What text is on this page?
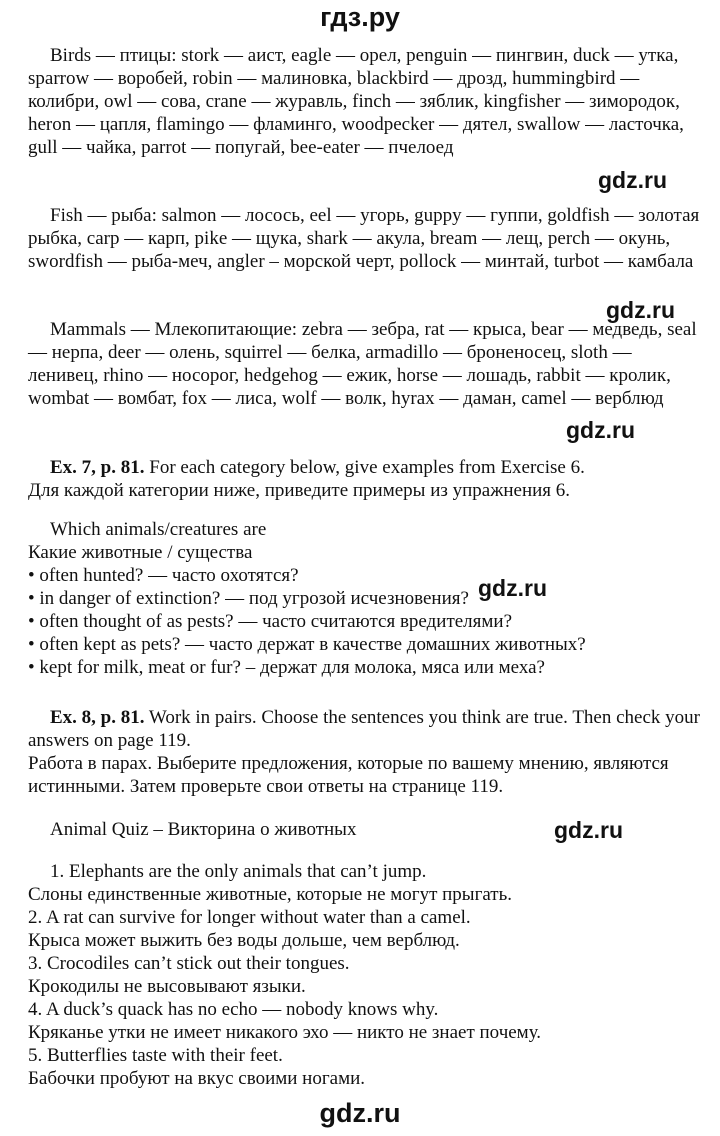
гдз.ру
Birds — птицы: stork — аист, eagle — орел, penguin — пингвин, duck — утка, sparrow — воробей, robin — малиновка, blackbird — дрозд, hummingbird — колибри, owl — сова, crane — журавль, finch — зяблик, kingfisher — зимородок, heron — цапля, flamingo — фламинго, woodpecker — дятел, swallow — ласточка, gull — чайка, parrot — попугай, bee-eater — пчелоед
gdz.ru
Fish — рыба: salmon — лосось, eel — угорь, guppy — гуппи, goldfish — золотая рыбка, carp — карп, pike — щука, shark — акула, bream — лещ, perch — окунь, swordfish — рыба-меч, angler – морской черт, pollock — минтай, turbot — камбала
gdz.ru
Mammals — Млекопитающие: zebra — зебра, rat — крыса, bear — медведь, seal — нерпа, deer — олень, squirrel — белка, armadillo — броненосец, sloth — ленивец, rhino — носорог, hedgehog — ежик, horse — лошадь, rabbit — кролик, wombat — вомбат, fox — лиса, wolf — волк, hyrax — даман, camel — верблюд
gdz.ru

Ex. 7, p. 81. For each category below, give examples from Exercise 6.

Для каждой категории ниже, приведите примеры из упражнения 6.

Which animals/creatures are

Какие животные / существа

• often hunted? — часто охотятся?

• in danger of extinction? — под угрозой исчезновения?

• often thought of as pests? — часто считаются вредителями?

• often kept as pets? — часто держат в качестве домашних животных?

• kept for milk, meat or fur? – держат для молока, мяса или меха?

gdz.ru

Ex. 8, p. 81. Work in pairs. Choose the sentences you think are true. Then check your answers on page 119.

Работа в парах. Выберите предложения, которые по вашему мнению, являются истинными. Затем проверьте свои ответы на странице 119.

Animal Quiz – Викторина о животных	gdz.ru

1. Elephants are the only animals that can’t jump.

Слоны единственные животные, которые не могут прыгать.

2. A rat can survive for longer without water than a camel.

Крыса может выжить без воды дольше, чем верблюд.

3. Crocodiles can’t stick out their tongues.

Крокодилы не высовывают языки.

4. A duck’s quack has no echo — nobody knows why.

Кряканье утки не имеет никакого эхо — никто не знает почему.

5. Butterflies taste with their feet.

Бабочки пробуют на вкус своими ногами.

gdz.ru
